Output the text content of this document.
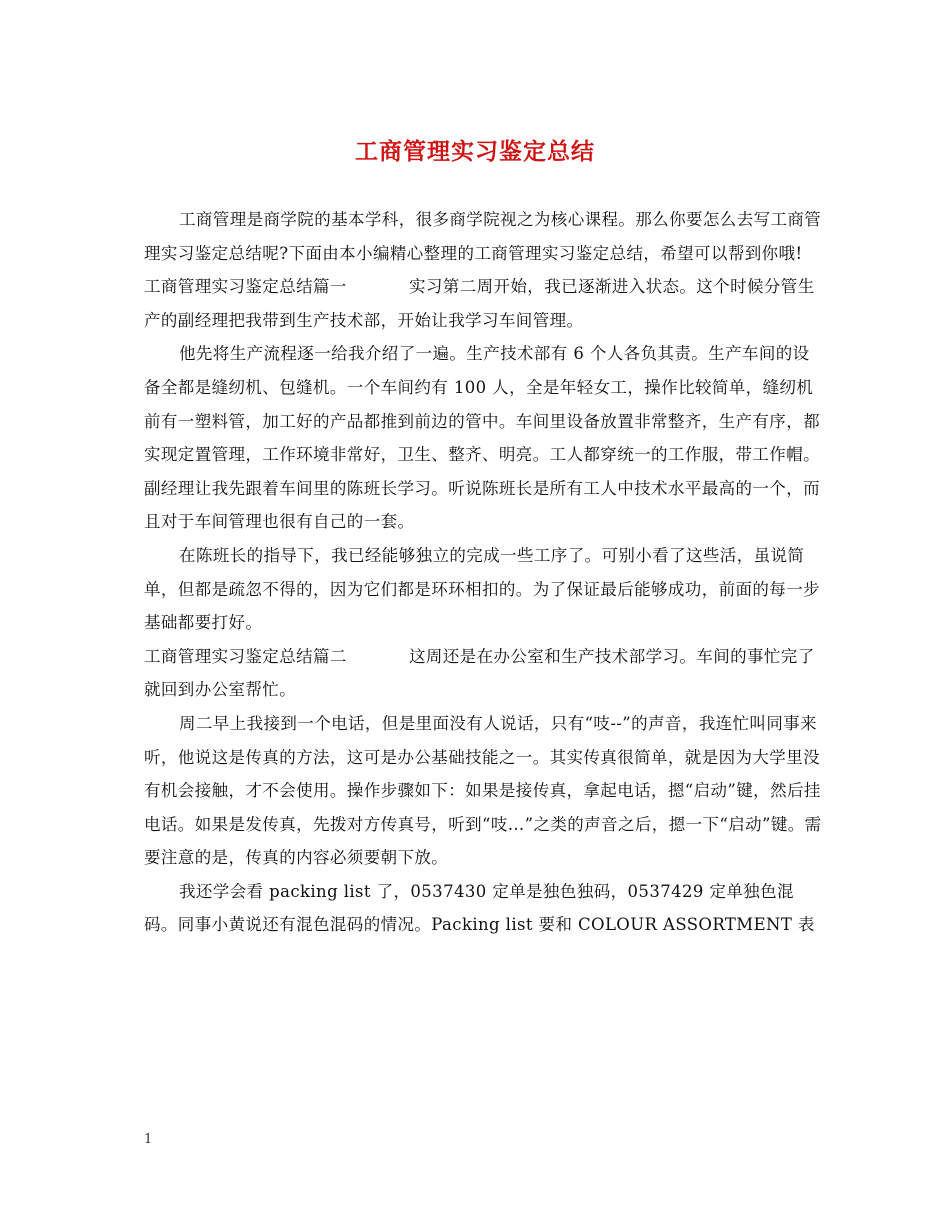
工商管理实习鉴定总结

工商管理是商学院的基本学科，很多商学院视之为核心课程。那么你要怎么去写工商管理实习鉴定总结呢?下面由本小编精心整理的工商管理实习鉴定总结，希望可以帮到你哦!

工商管理实习鉴定总结篇一	实习第二周开始，我已逐渐进入状态。这个时候分管生产的副经理把我带到生产技术部，开始让我学习车间管理。

他先将生产流程逐一给我介绍了一遍。生产技术部有 6 个人各负其责。生产车间的设备全都是缝纫机、包缝机。一个车间约有 100 人，全是年轻女工，操作比较简单，缝纫机前有一塑料管，加工好的产品都推到前边的管中。车间里设备放置非常整齐，生产有序，都实现定置管理，工作环境非常好，卫生、整齐、明亮。工人都穿统一的工作服，带工作帽。副经理让我先跟着车间里的陈班长学习。听说陈班长是所有工人中技术水平最高的一个，而且对于车间管理也很有自己的一套。

在陈班长的指导下，我已经能够独立的完成一些工序了。可别小看了这些活，虽说简单，但都是疏忽不得的，因为它们都是环环相扣的。为了保证最后能够成功，前面的每一步基础都要打好。

工商管理实习鉴定总结篇二	这周还是在办公室和生产技术部学习。车间的事忙完了就回到办公室帮忙。

周二早上我接到一个电话，但是里面没有人说话，只有“吱--”的声音，我连忙叫同事来听，他说这是传真的方法，这可是办公基础技能之一。其实传真很简单，就是因为大学里没有机会接触，才不会使用。操作步骤如下：如果是接传真，拿起电话，摁“启动”键，然后挂电话。如果是发传真，先拨对方传真号，听到“吱…”之类的声音之后，摁一下“启动”键。需要注意的是，传真的内容必须要朝下放。

我还学会看 packing list 了，0537430 定单是独色独码，0537429 定单独色混码。同事小黄说还有混色混码的情况。Packing list 要和 COLOUR ASSORTMENT 表

1
